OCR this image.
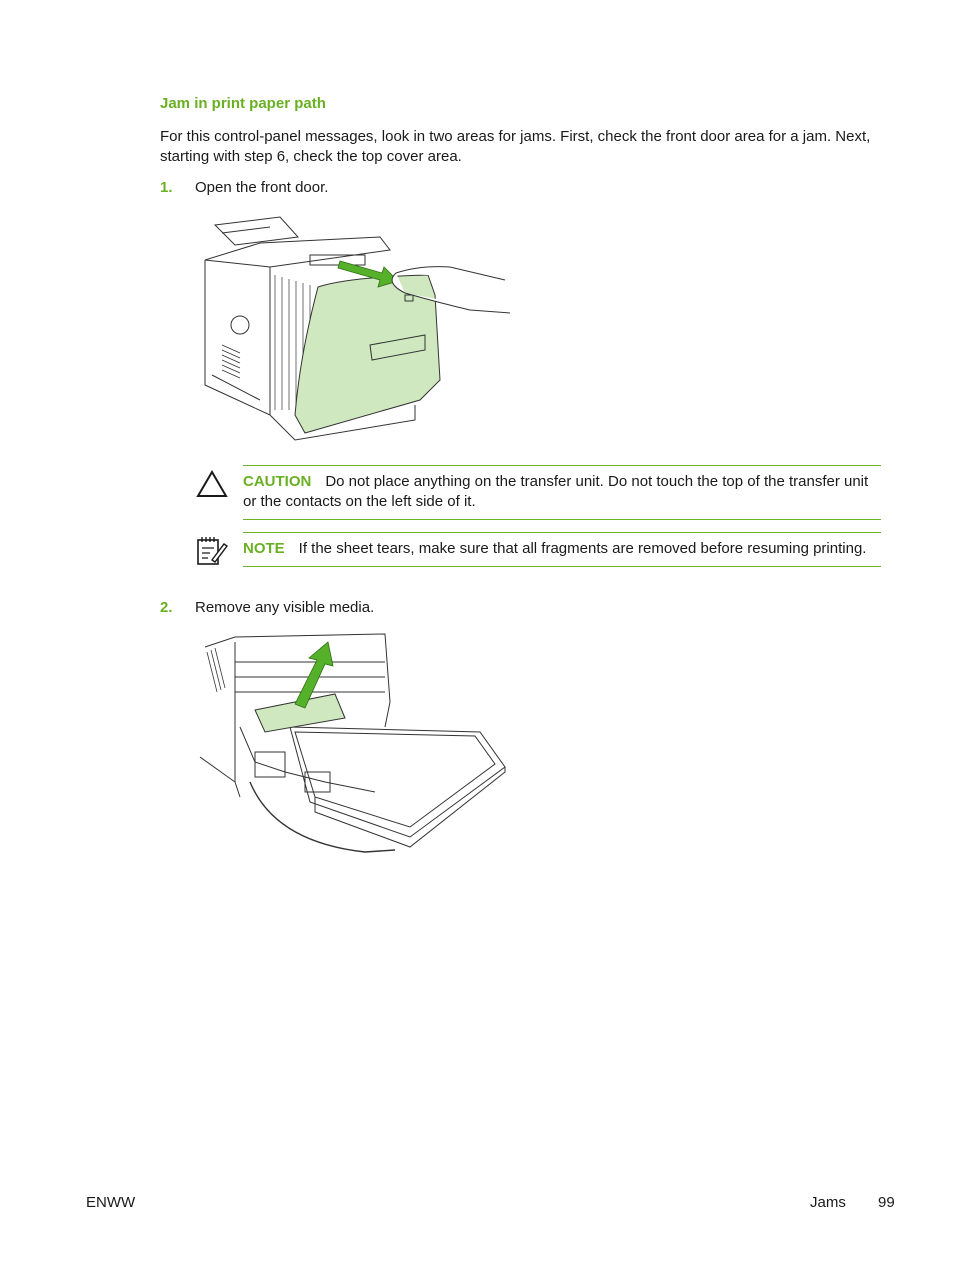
Jam in print paper path
For this control-panel messages, look in two areas for jams. First, check the front door area for a jam. Next, starting with step 6, check the top cover area.
1. Open the front door.
CAUTION Do not place anything on the transfer unit. Do not touch the top of the transfer unit or the contacts on the left side of it.
NOTE If the sheet tears, make sure that all fragments are removed before resuming printing.
2. Remove any visible media.
ENWW	Jams 99
